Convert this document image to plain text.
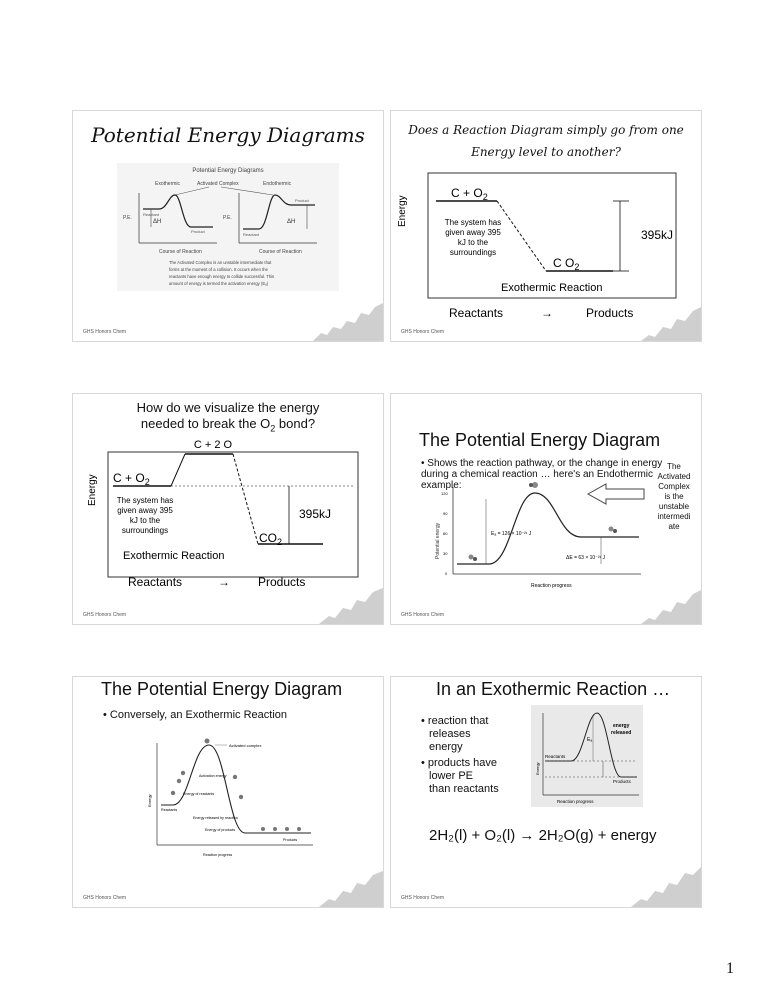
Potential Energy Diagrams
Potential Energy Diagrams
Exothermic	Endothermic
Activated Complex
P.E.
Reactant
Product
ΔH
P.E.
Reactant
Product
ΔH
Course of Reaction	Course of Reaction
The Activated Complex is an unstable intermediate that
forms at the moment of a collision. It occurs when the
reactants have enough energy to collide successful. This
amount of energy is termed the activation energy (Eₐ)
GHS Honors Chem
Does a Reaction Diagram simply go from one
Energy level to another?
Energy
395kJ
$C + O_2$
The system has
given away 395
kJ to the
surroundings
C $O_2$
Exothermic Reaction
Reactants	→	Products
GHS Honors Chem
How do we visualize the energy
needed to break the $O_2$ bond?
Energy
C + 2 O
395kJ
$C + O_2$
The system has
given away 395
kJ to the
surroundings
$CO_2$
Exothermic Reaction
Reactants	→ Products
GHS Honors Chem
The Potential Energy Diagram
• Shows the reaction pathway, or the change in energy during a chemical reaction … here's an Endothermic example:
Potential energy
120
90
60
30
0
Eₐ = 126 × 10⁻²¹ J
ΔE = 63 × 10⁻²¹ J
Reaction progress
The
Activated
Complex
is the
unstable
intermedi
ate
GHS Honors Chem
The Potential Energy Diagram
• Conversely, an Exothermic Reaction
Energy
Activated complex
Activation energy
Energy of reactants
Reactants
Energy released by reaction
Energy of products
Products
Reaction progress
GHS Honors Chem
In an Exothermic Reaction …
• reaction that
releases
energy
• products have
lower PE
than reactants
Energy
Eₐ
energy
released
Reactants
Products
Reaction progress
2H₂(l) + O₂(l) → 2H₂O(g) + energy
GHS Honors Chem
1
